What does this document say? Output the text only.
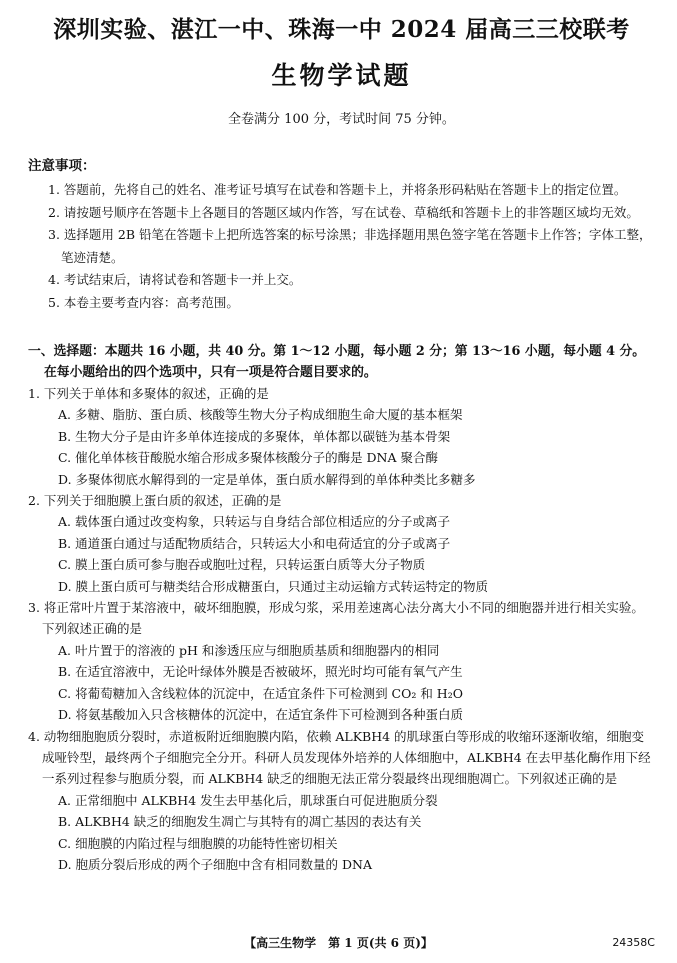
深圳实验、湛江一中、珠海一中 2024 届高三三校联考
生物学试题
全卷满分 100 分，考试时间 75 分钟。
注意事项：
1. 答题前，先将自己的姓名、准考证号填写在试卷和答题卡上，并将条形码粘贴在答题卡上的指定位置。
2. 请按题号顺序在答题卡上各题目的答题区域内作答，写在试卷、草稿纸和答题卡上的非答题区域均无效。
3. 选择题用 2B 铅笔在答题卡上把所选答案的标号涂黑；非选择题用黑色签字笔在答题卡上作答；字体工整，笔迹清楚。
4. 考试结束后，请将试卷和答题卡一并上交。
5. 本卷主要考查内容：高考范围。
一、选择题：本题共 16 小题，共 40 分。第 1～12 小题，每小题 2 分；第 13～16 小题，每小题 4 分。在每小题给出的四个选项中，只有一项是符合题目要求的。
1. 下列关于单体和多聚体的叙述，正确的是
A. 多糖、脂肪、蛋白质、核酸等生物大分子构成细胞生命大厦的基本框架
B. 生物大分子是由许多单体连接成的多聚体，单体都以碳链为基本骨架
C. 催化单体核苷酸脱水缩合形成多聚体核酸分子的酶是 DNA 聚合酶
D. 多聚体彻底水解得到的一定是单体，蛋白质水解得到的单体种类比多糖多
2. 下列关于细胞膜上蛋白质的叙述，正确的是
A. 载体蛋白通过改变构象，只转运与自身结合部位相适应的分子或离子
B. 通道蛋白通过与适配物质结合，只转运大小和电荷适宜的分子或离子
C. 膜上蛋白质可参与胞吞或胞吐过程，只转运蛋白质等大分子物质
D. 膜上蛋白质可与糖类结合形成糖蛋白，只通过主动运输方式转运特定的物质
3. 将正常叶片置于某溶液中，破坏细胞膜，形成匀浆，采用差速离心法分离大小不同的细胞器并进行相关实验。下列叙述正确的是
A. 叶片置于的溶液的 pH 和渗透压应与细胞质基质和细胞器内的相同
B. 在适宜溶液中，无论叶绿体外膜是否被破坏，照光时均可能有氧气产生
C. 将葡萄糖加入含线粒体的沉淀中，在适宜条件下可检测到 CO₂ 和 H₂O
D. 将氨基酸加入只含核糖体的沉淀中，在适宜条件下可检测到各种蛋白质
4. 动物细胞胞质分裂时，赤道板附近细胞膜内陷，依赖 ALKBH4 的肌球蛋白等形成的收缩环逐渐收缩，细胞变成哑铃型，最终两个子细胞完全分开。科研人员发现体外培养的人体细胞中，ALKBH4 在去甲基化酶作用下经一系列过程参与胞质分裂，而 ALKBH4 缺乏的细胞无法正常分裂最终出现细胞凋亡。下列叙述正确的是
A. 正常细胞中 ALKBH4 发生去甲基化后，肌球蛋白可促进胞质分裂
B. ALKBH4 缺乏的细胞发生凋亡与其特有的凋亡基因的表达有关
C. 细胞膜的内陷过程与细胞膜的功能特性密切相关
D. 胞质分裂后形成的两个子细胞中含有相同数量的 DNA
【高三生物学　第 1 页(共 6 页)】	24358C
